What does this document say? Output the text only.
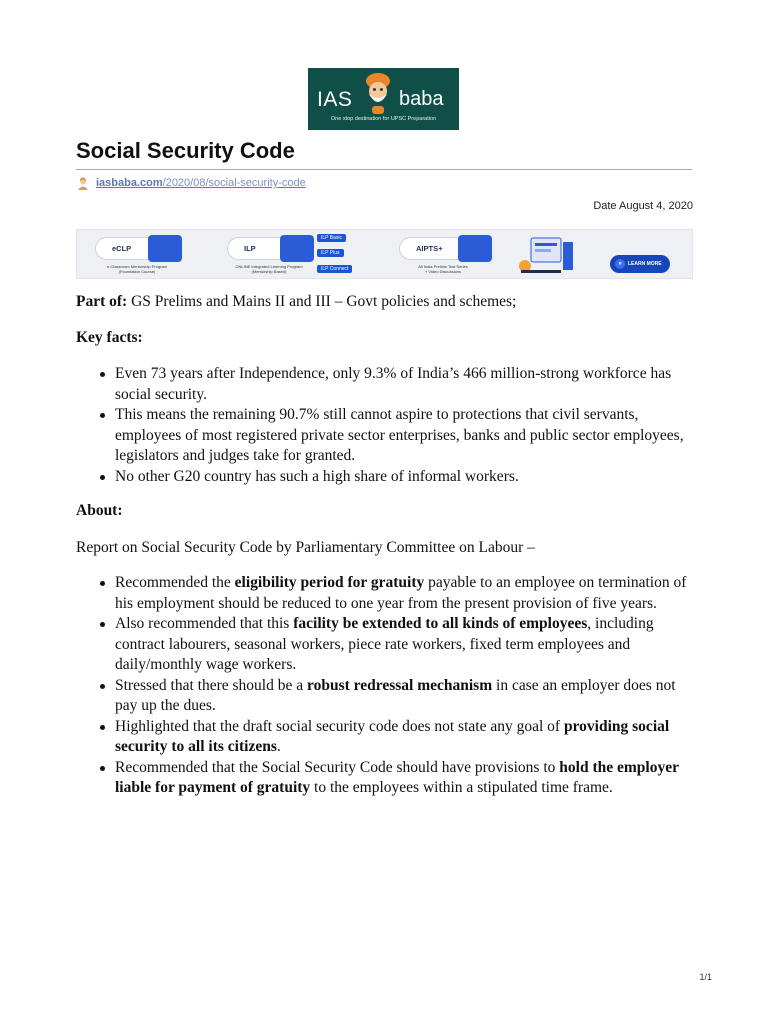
IAS baba
One stop destination for UPSC Preparation
Social Security Code
iasbaba.com/2020/08/social-security-code
Date August 4, 2020
eCLP
e-Classroom Mentorship Program
(Foundation Course)
ILP
ONLINE Integrated Learning Program
(Mentorship Based)
ILP Basic
ILP Plus
ILP Connect
AIPTS+
All India Prelims Test Series
+ Video Discussions
»	LEARN MORE

Part of: GS Prelims and Mains II and III – Govt policies and schemes;

Key facts:

Even 73 years after Independence, only 9.3% of India’s 466 million-strong workforce has social security.
This means the remaining 90.7% still cannot aspire to protections that civil servants, employees of most registered private sector enterprises, banks and public sector employees, legislators and judges take for granted.
No other G20 country has such a high share of informal workers.

About:

Report on Social Security Code by Parliamentary Committee on Labour –

Recommended the eligibility period for gratuity payable to an employee on termination of his employment should be reduced to one year from the present provision of five years.
Also recommended that this facility be extended to all kinds of employees, including contract labourers, seasonal workers, piece rate workers, fixed term employees and daily/monthly wage workers.
Stressed that there should be a robust redressal mechanism in case an employer does not pay up the dues.
Highlighted that the draft social security code does not state any goal of providing social security to all its citizens.
Recommended that the Social Security Code should have provisions to hold the employer liable for payment of gratuity to the employees within a stipulated time frame.
1/1
